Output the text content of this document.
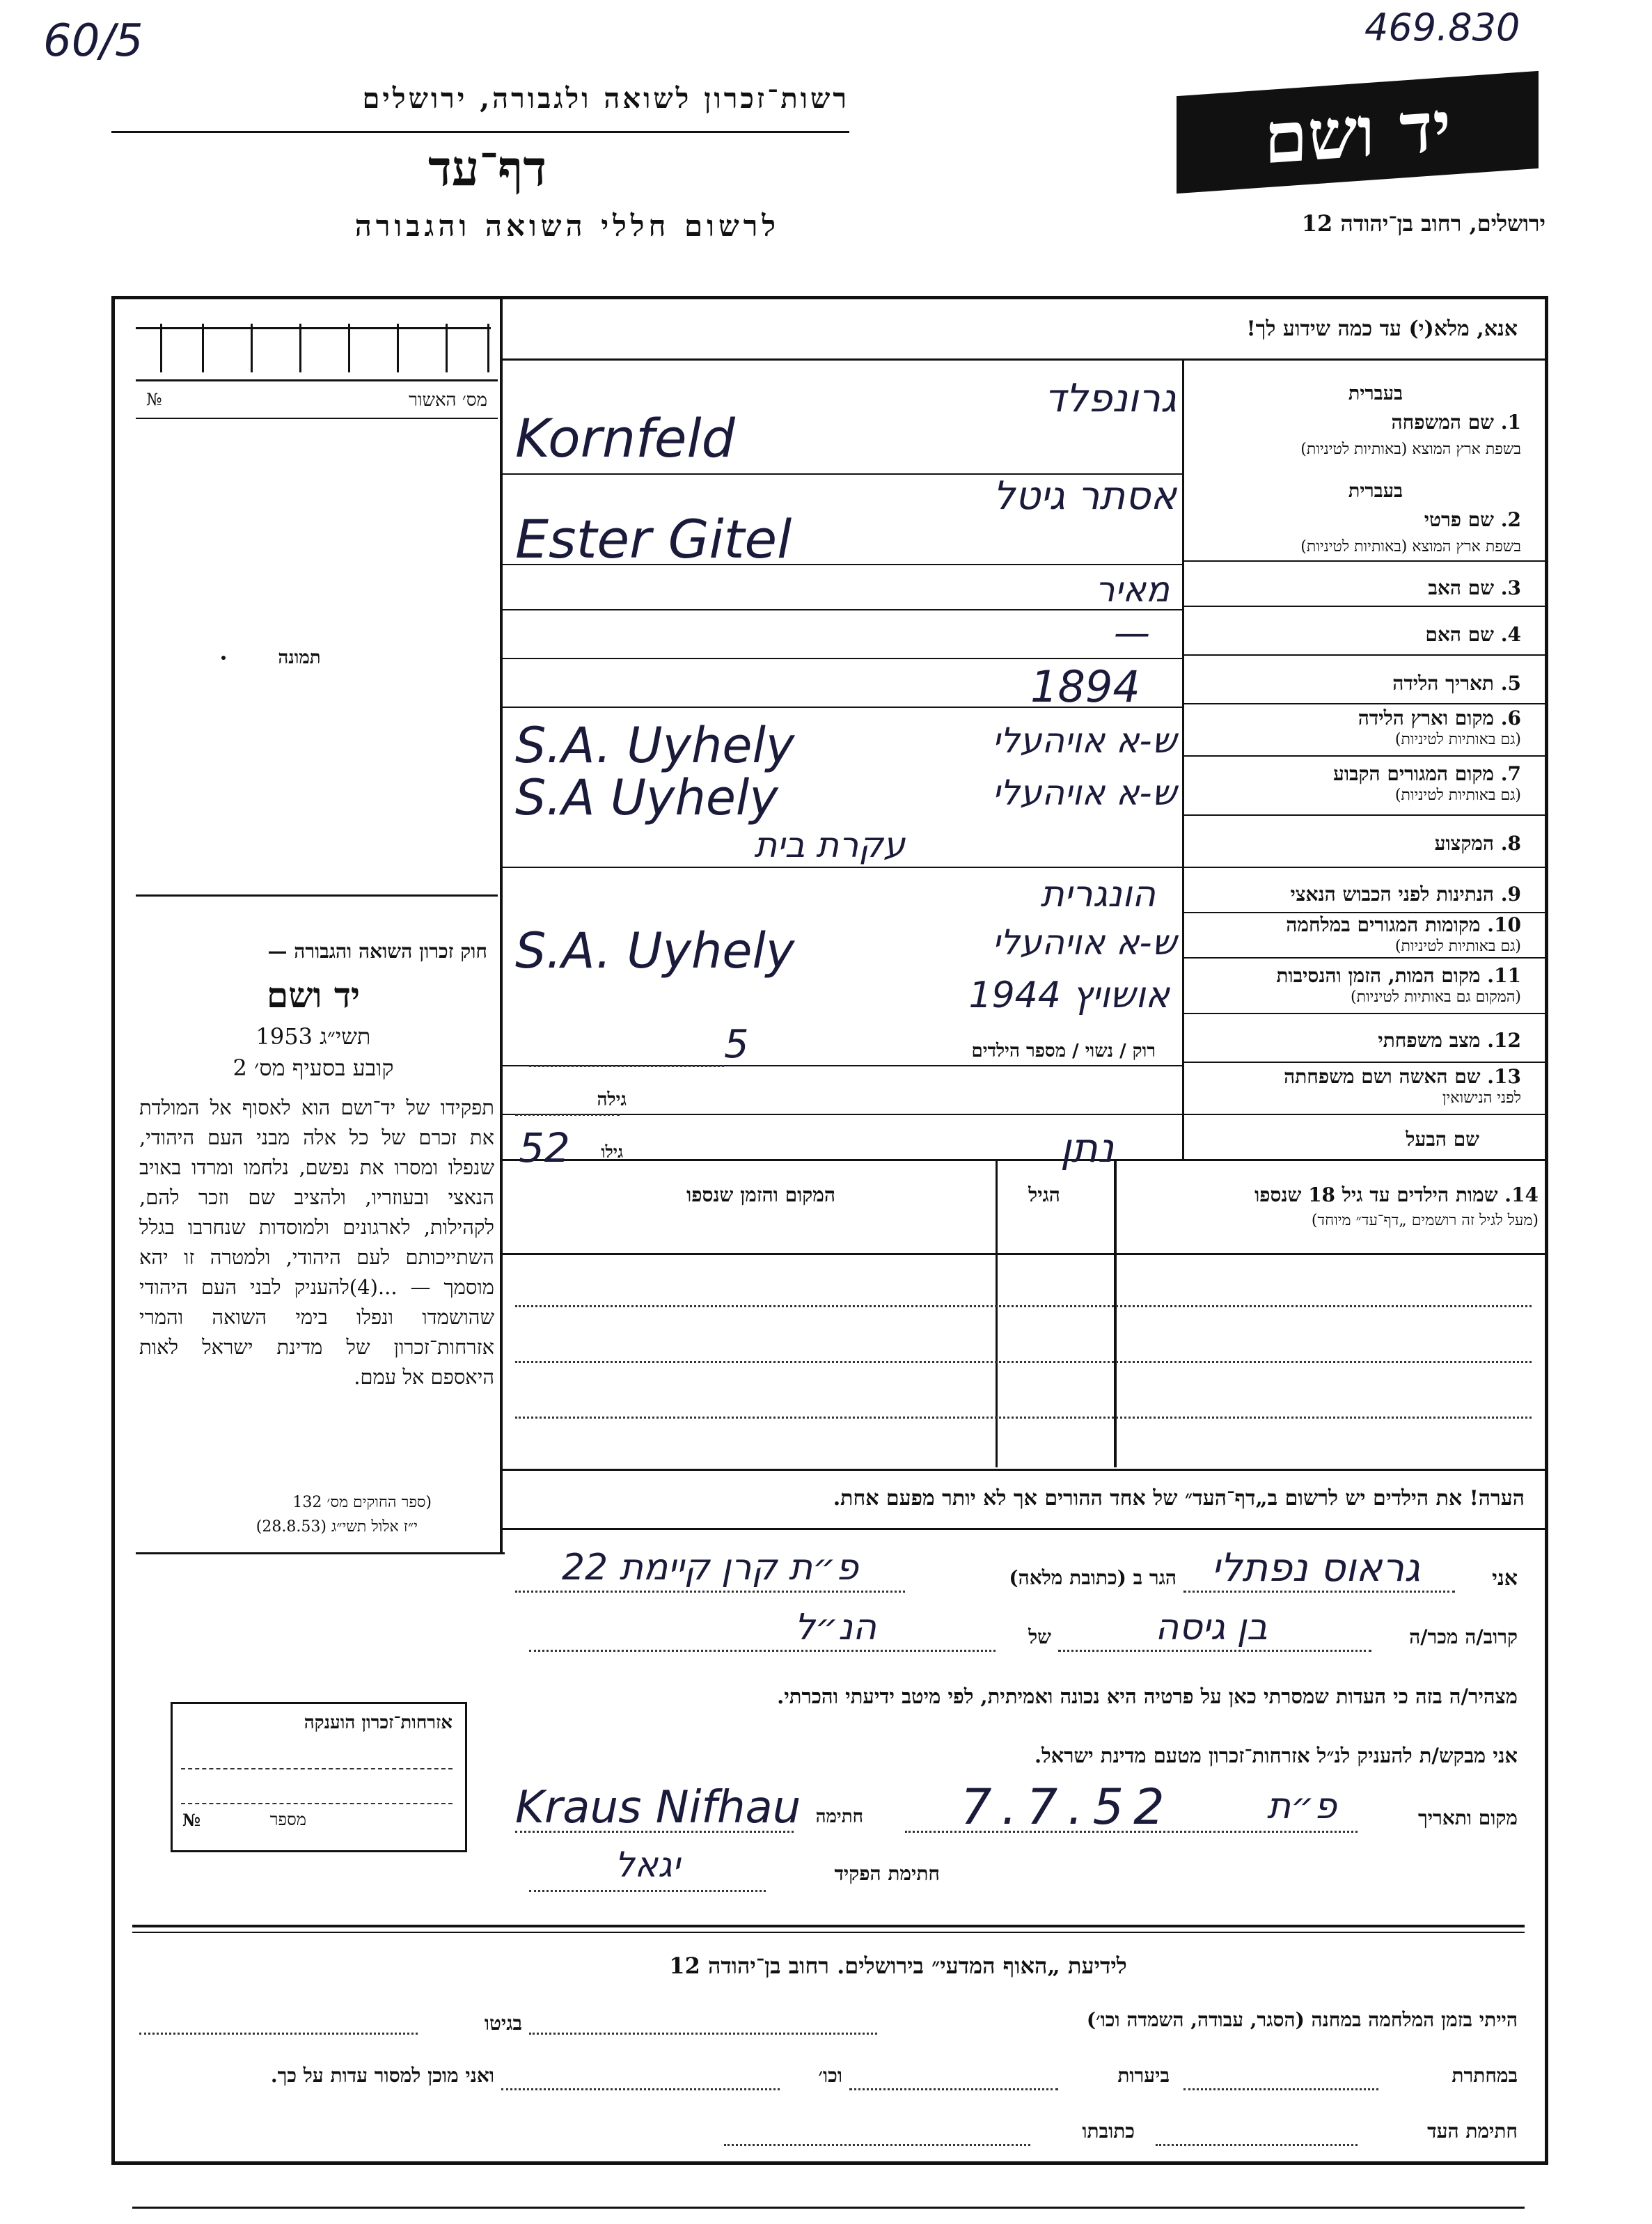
60/5	469.830
רשות־זכרון לשואה ולגבורה, ירושלים
דף־עד
לרשום חללי השואה והגבורה
יד ושם
ירושלים, רחוב בן־יהודה 12
מס׳ האשור
№
תמונה
חוק זכרון השואה והגבורה —
יד ושם
תשי״ג 1953
קובע בסעיף מס׳ 2
תפקידו של יד־ושם הוא לאסוף אל המולדת את זכרם של כל אלה מבני העם היהודי, שנפלו ומסרו את נפשם, נלחמו ומרדו באויב הנאצי ובעוזריו, ולהציב שם וזכר להם, לקהילות, לארגונים ולמוסדות שנחרבו בגלל השתייכותם לעם היהודי, ולמטרה זו יהא מוסמך — ...(4)להעניק לבני העם היהודי שהושמדו ונפלו בימי השואה והמרי אזרחות־זכרון של מדינת ישראל לאות היאספם אל עמם.
(ספר החוקים מס׳ 132
י״ז אלול תשי״ג (28.8.53)
אזרחות־זכרון הוענקה
מספר
№
אנא, מלא(י) עד כמה שידוע לך!
בעברית
1. שם המשפחה
בשפת ארץ המוצא (באותיות לטיניות)
בעברית
2. שם פרטי
בשפת ארץ המוצא (באותיות לטיניות)
3. שם האב
4. שם האם
5. תאריך הלידה
6. מקום וארץ הלידה
(גם באותיות לטיניות)
7. מקום המגורים הקבוע
(גם באותיות לטיניות)
8. המקצוע
9. הנתינות לפני הכבוש הנאצי
10. מקומות המגורים במלחמה
(גם באותיות לטיניות)
11. מקום המות, הזמן והנסיבות
(המקום גם באותיות לטיניות)
12. מצב משפחתי
13. שם האשה ושם משפחתה
לפני הנישואין
שם הבעל
גרונפלד
Kornfeld
אסתר גיטל
Ester Gitel
מאיר
—
1894
ש-א אויהעלי
S.A. Uyhely
ש-א אויהעלי
S.A Uyhely
עקרת בית
הונגרית
ש-א אויהעלי
S.A. Uyhely
אושויץ 1944
רוק / נשוי / מספר הילדים
5
גילה
גילו
52	נתן
14. שמות הילדים עד גיל 18 שנספו
(מעל לגיל זה רושמים „דף־עד״ מיוחד)
הגיל
המקום והזמן שנספו
הערה! את הילדים יש לרשום ב„דף־העד״ של אחד ההורים אך לא יותר מפעם אחת.
אני
גראוס נפתלי
הגר ב (כתובת מלאה)
פ״ת קרן קיימת 22
קרוב/ה מכר/ה
בן גיסה
של
הנ״ל
מצהיר/ה בזה כי העדות שמסרתי כאן על פרטיה היא נכונה ואמיתית, לפי מיטב ידיעתי והכרתי.
אני מבקש/ת להעניק לנ״ל אזרחות־זכרון מטעם מדינת ישראל.
מקום ותאריך
פ״ת
7.7.52
חתימה
Kraus Nifhau
חתימת הפקיד
יגאל
לידיעת „האוף המדעי״ בירושלים. רחוב בן־יהודה 12
הייתי בזמן המלחמה במחנה (הסגר, עבודה, השמדה וכו׳)
בגיטו
במחתרת
ביערות
וכו׳
ואני מוכן למסור עדות על כך.
חתימת העד
כתובתו
